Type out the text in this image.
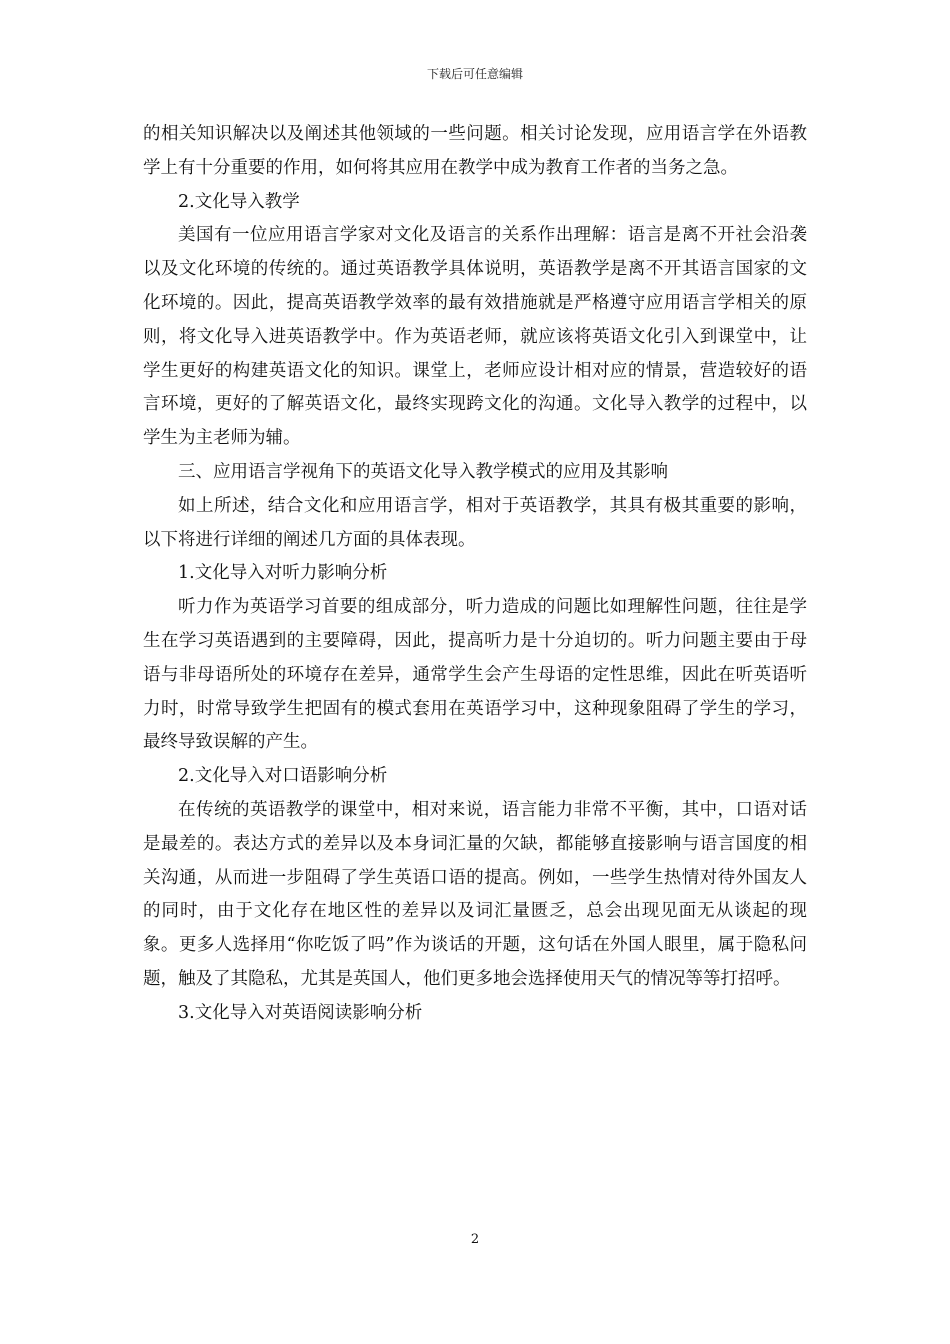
下载后可任意编辑

的相关知识解决以及阐述其他领域的一些问题。相关讨论发现，应用语言学在外语教学上有十分重要的作用，如何将其应用在教学中成为教育工作者的当务之急。

2.文化导入教学

美国有一位应用语言学家对文化及语言的关系作出理解：语言是离不开社会沿袭以及文化环境的传统的。通过英语教学具体说明，英语教学是离不开其语言国家的文化环境的。因此，提高英语教学效率的最有效措施就是严格遵守应用语言学相关的原则，将文化导入进英语教学中。作为英语老师，就应该将英语文化引入到课堂中，让学生更好的构建英语文化的知识。课堂上，老师应设计相对应的情景，营造较好的语言环境，更好的了解英语文化，最终实现跨文化的沟通。文化导入教学的过程中，以学生为主老师为辅。

三、应用语言学视角下的英语文化导入教学模式的应用及其影响

如上所述，结合文化和应用语言学，相对于英语教学，其具有极其重要的影响，以下将进行详细的阐述几方面的具体表现。

1.文化导入对听力影响分析

听力作为英语学习首要的组成部分，听力造成的问题比如理解性问题，往往是学生在学习英语遇到的主要障碍，因此，提高听力是十分迫切的。听力问题主要由于母语与非母语所处的环境存在差异，通常学生会产生母语的定性思维，因此在听英语听力时，时常导致学生把固有的模式套用在英语学习中，这种现象阻碍了学生的学习，最终导致误解的产生。

2.文化导入对口语影响分析

在传统的英语教学的课堂中，相对来说，语言能力非常不平衡，其中，口语对话是最差的。表达方式的差异以及本身词汇量的欠缺，都能够直接影响与语言国度的相关沟通，从而进一步阻碍了学生英语口语的提高。例如，一些学生热情对待外国友人的同时，由于文化存在地区性的差异以及词汇量匮乏，总会出现见面无从谈起的现象。更多人选择用“你吃饭了吗”作为谈话的开题，这句话在外国人眼里，属于隐私问题，触及了其隐私，尤其是英国人，他们更多地会选择使用天气的情况等等打招呼。

3.文化导入对英语阅读影响分析

2
